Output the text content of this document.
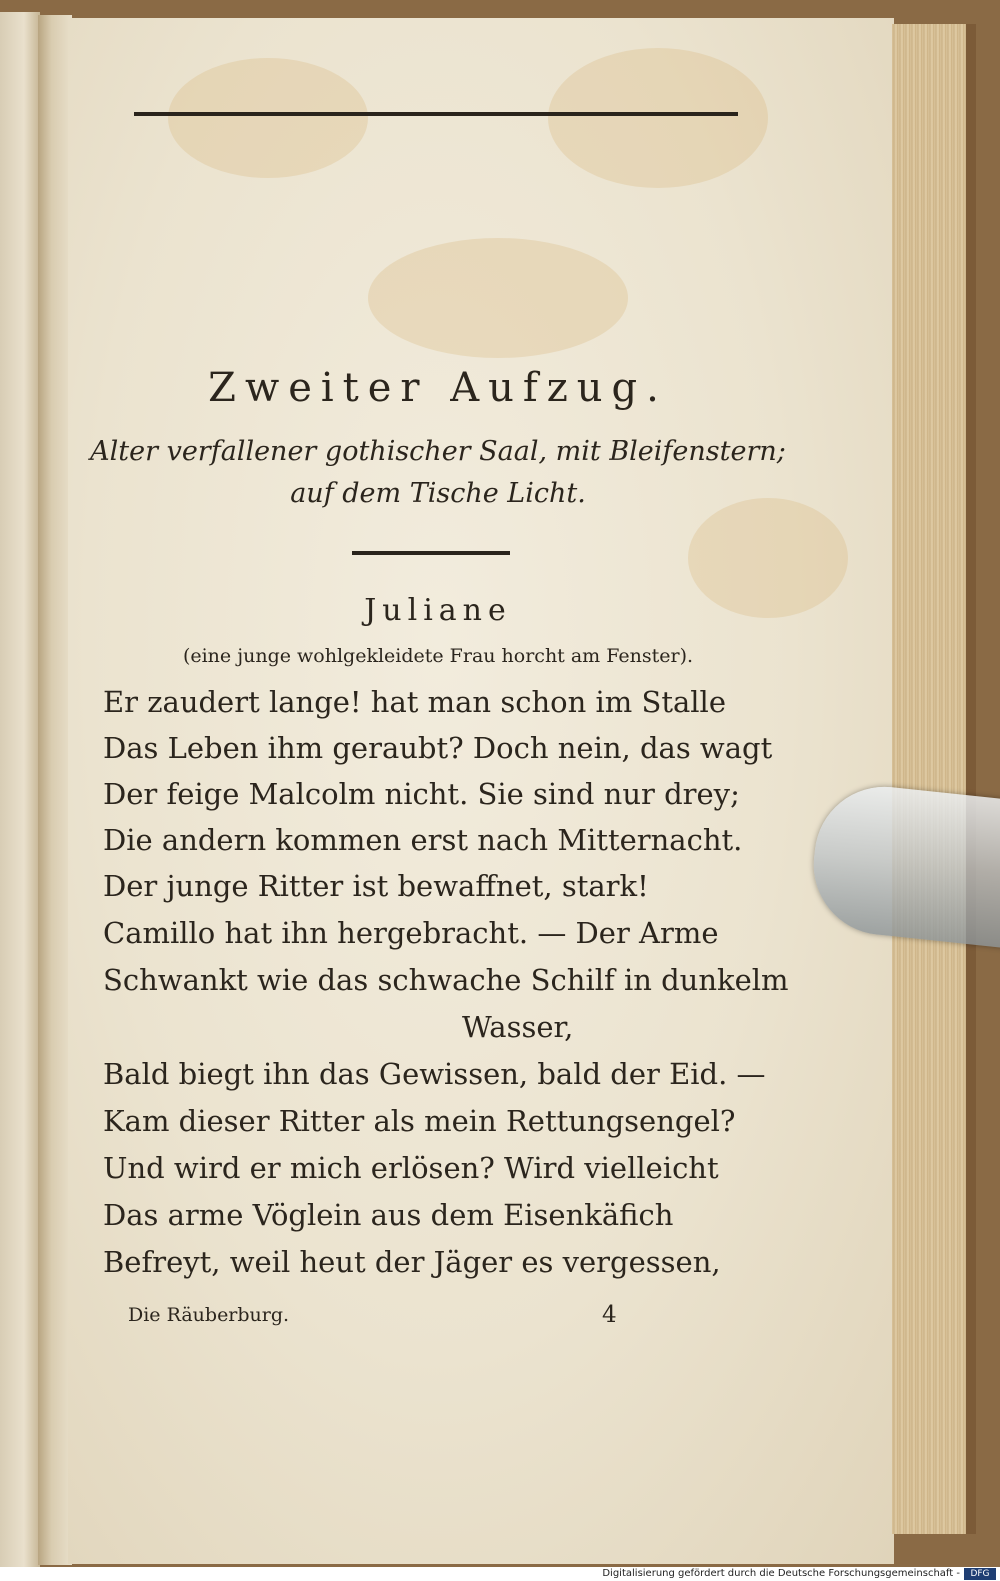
Zweiter Aufzug.
Alter verfallener gothischer Saal, mit Bleifenstern;
auf dem Tische Licht.
Juliane
(eine junge wohlgekleidete Frau horcht am Fenster).
Er zaudert lange! hat man schon im Stalle
Das Leben ihm geraubt? Doch nein, das wagt
Der feige Malcolm nicht. Sie sind nur drey;
Die andern kommen erst nach Mitternacht.
Der junge Ritter ist bewaffnet, stark!
Camillo hat ihn hergebracht. — Der Arme
Schwankt wie das schwache Schilf in dunkelm
Wasser,
Bald biegt ihn das Gewissen, bald der Eid. —
Kam dieser Ritter als mein Rettungsengel?
Und wird er mich erlösen? Wird vielleicht
Das arme Vöglein aus dem Eisenkäfich
Befreyt, weil heut der Jäger es vergessen,
Die Räuberburg.	4
Digitalisierung gefördert durch die Deutsche Forschungsgemeinschaft -	DFG
